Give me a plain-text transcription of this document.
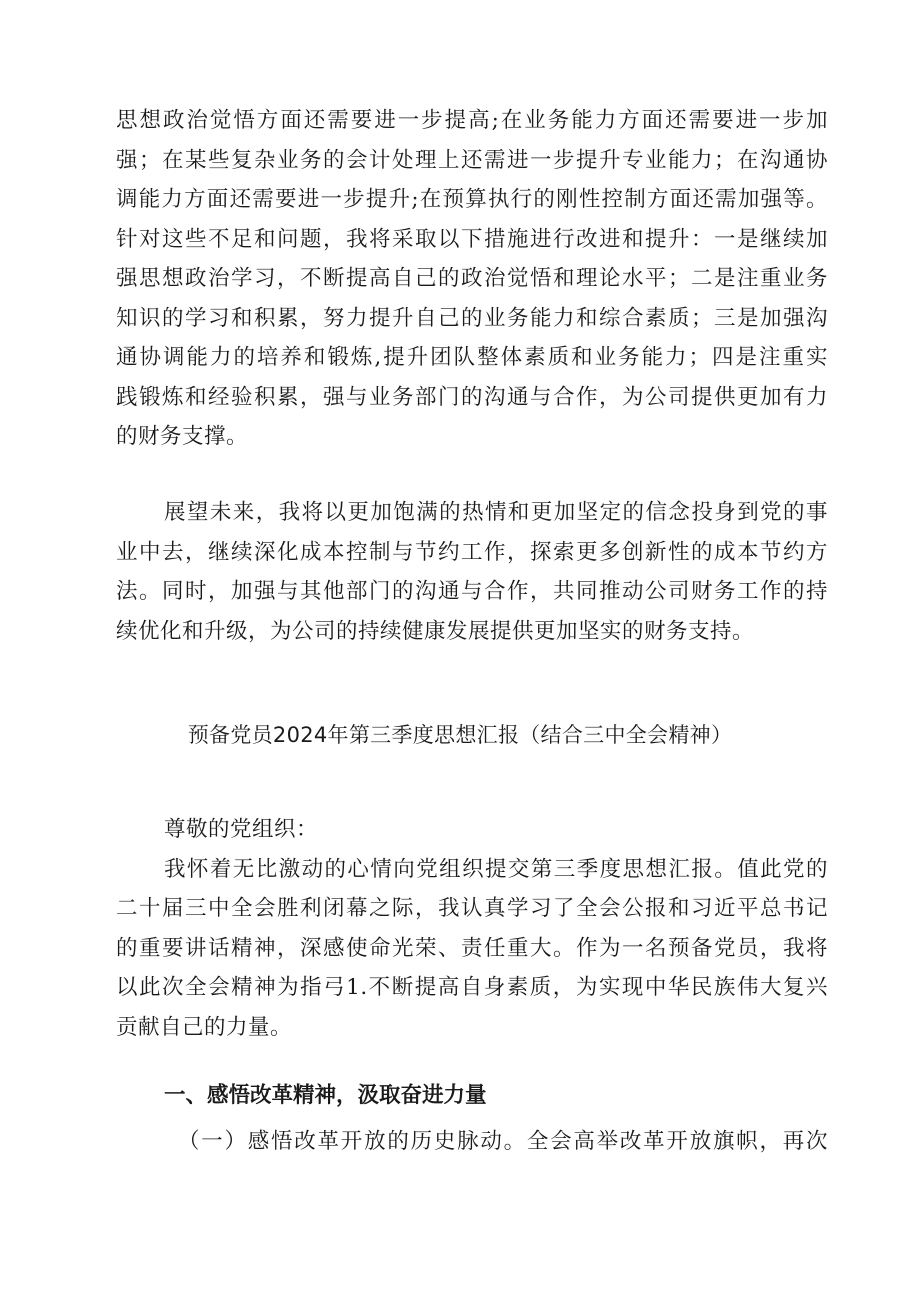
思想政治觉悟方面还需要进一步提高;在业务能力方面还需要进一步加
强；在某些复杂业务的会计处理上还需进一步提升专业能力；在沟通协
调能力方面还需要进一步提升;在预算执行的刚性控制方面还需加强等。
针对这些不足和问题，我将采取以下措施进行改进和提升：一是继续加
强思想政治学习，不断提高自己的政治觉悟和理论水平；二是注重业务
知识的学习和积累，努力提升自己的业务能力和综合素质；三是加强沟
通协调能力的培养和锻炼,提升团队整体素质和业务能力；四是注重实
践锻炼和经验积累，强与业务部门的沟通与合作，为公司提供更加有力
的财务支撑。
展望未来，我将以更加饱满的热情和更加坚定的信念投身到党的事
业中去，继续深化成本控制与节约工作，探索更多创新性的成本节约方
法。同时，加强与其他部门的沟通与合作，共同推动公司财务工作的持
续优化和升级，为公司的持续健康发展提供更加坚实的财务支持。
预备党员2024年第三季度思想汇报（结合三中全会精神）
尊敬的党组织：
我怀着无比激动的心情向党组织提交第三季度思想汇报。值此党的
二十届三中全会胜利闭幕之际，我认真学习了全会公报和习近平总书记
的重要讲话精神，深感使命光荣、责任重大。作为一名预备党员，我将
以此次全会精神为指弓1.不断提高自身素质，为实现中华民族伟大复兴
贡献自己的力量。
一、感悟改革精神，汲取奋进力量
（一）感悟改革开放的历史脉动。全会高举改革开放旗帜，再次
